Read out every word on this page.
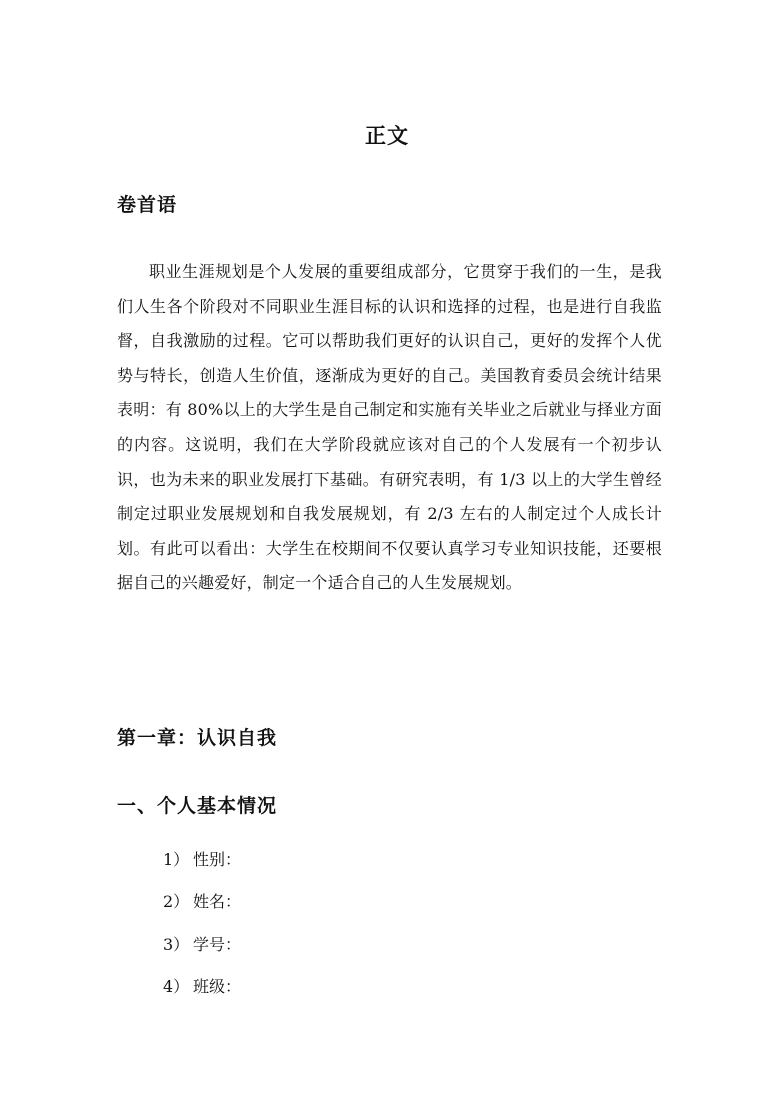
正文
卷首语

职业生涯规划是个人发展的重要组成部分，它贯穿于我们的一生，是我们人生各个阶段对不同职业生涯目标的认识和选择的过程，也是进行自我监督，自我激励的过程。它可以帮助我们更好的认识自己，更好的发挥个人优势与特长，创造人生价值，逐渐成为更好的自己。美国教育委员会统计结果表明：有 80%以上的大学生是自己制定和实施有关毕业之后就业与择业方面的内容。这说明，我们在大学阶段就应该对自己的个人发展有一个初步认识，也为未来的职业发展打下基础。有研究表明，有 1/3 以上的大学生曾经制定过职业发展规划和自我发展规划，有 2/3 左右的人制定过个人成长计划。有此可以看出：大学生在校期间不仅要认真学习专业知识技能，还要根据自己的兴趣爱好，制定一个适合自己的人生发展规划。

第一章：认识自我
一、个人基本情况
1） 性别：
2） 姓名：
3） 学号：
4） 班级：
